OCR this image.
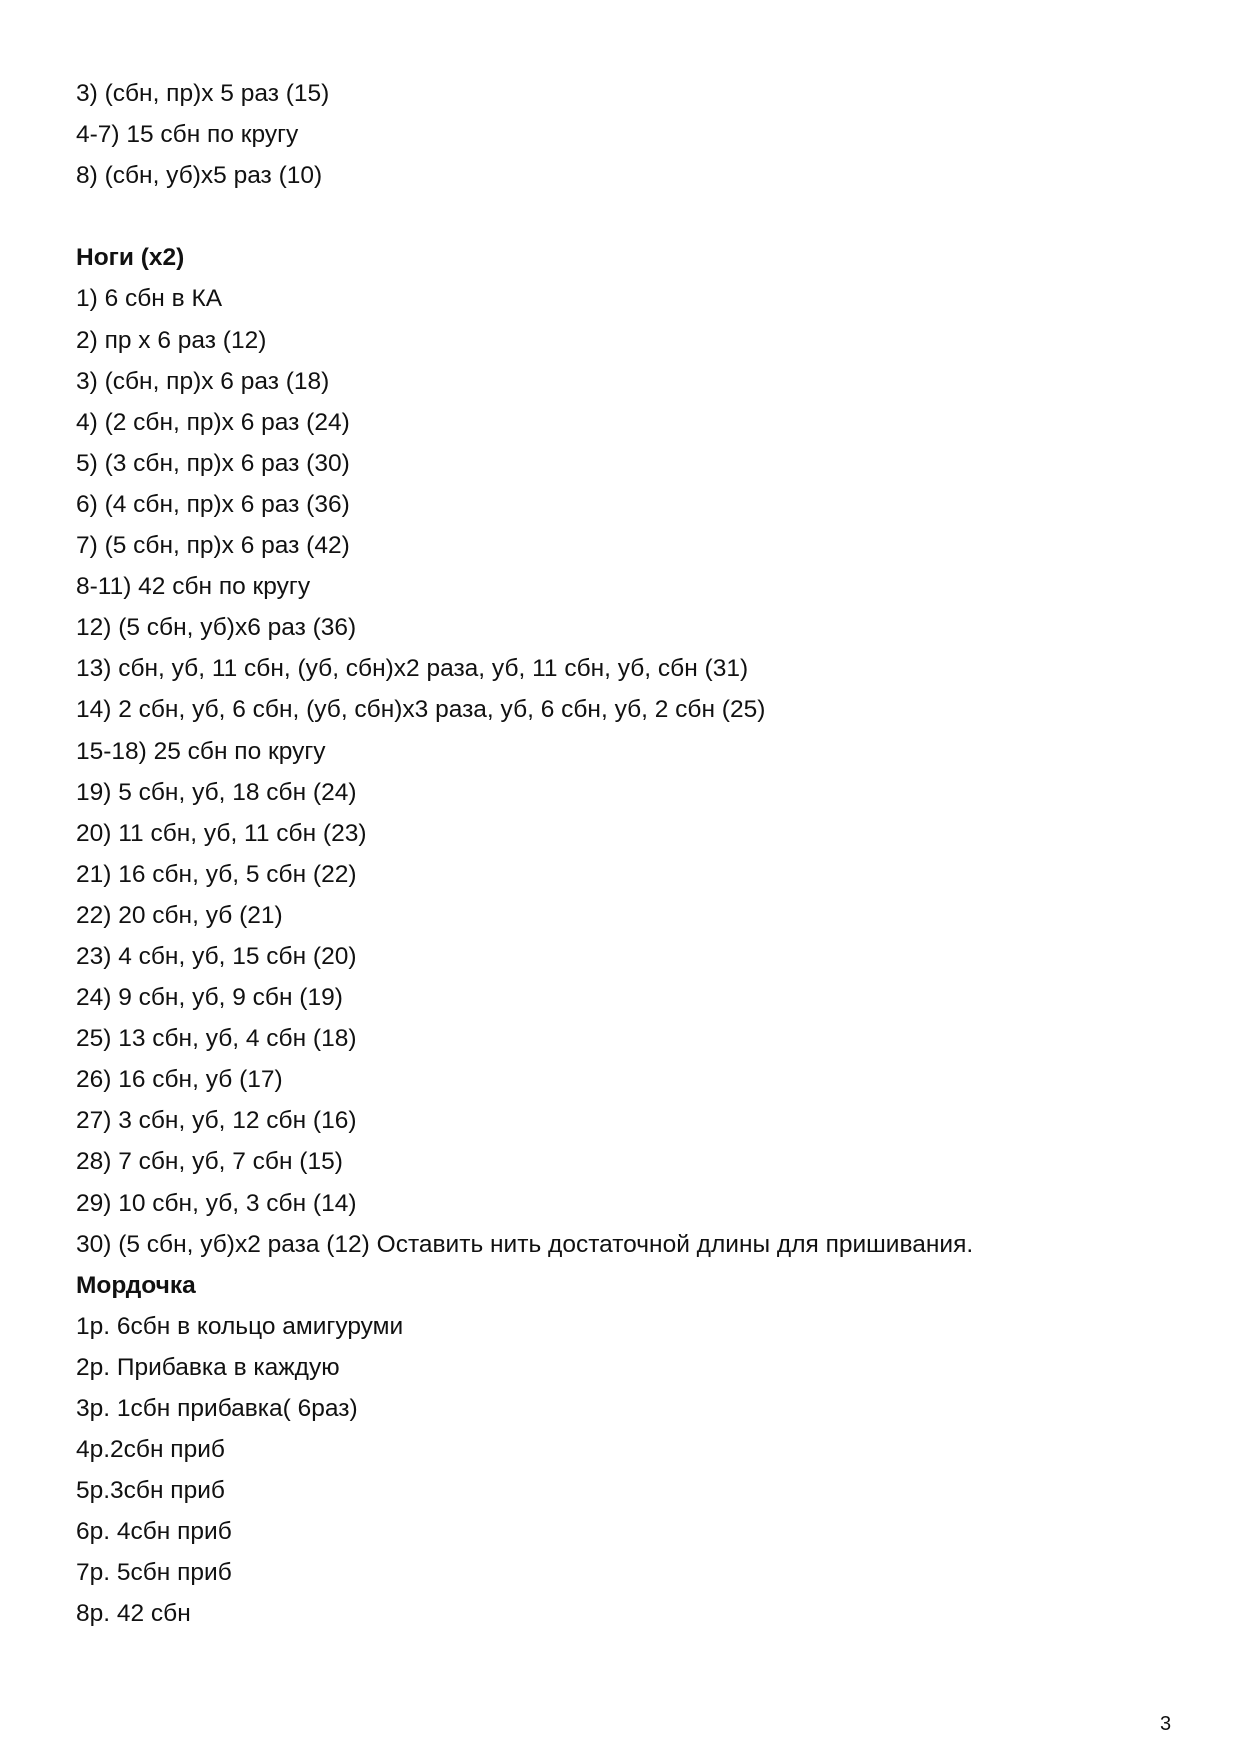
3) (сбн, пр)х 5 раз (15)
4-7) 15 сбн по кругу
8) (сбн, уб)х5 раз (10)
Ноги (х2)
1) 6 сбн в КА
2) пр х 6 раз (12)
3) (сбн, пр)х 6 раз (18)
4) (2 сбн, пр)х 6 раз (24)
5) (3 сбн, пр)х 6 раз (30)
6) (4 сбн, пр)х 6 раз (36)
7) (5 сбн, пр)х 6 раз (42)
8-11) 42 сбн по кругу
12) (5 сбн, уб)х6 раз (36)
13) сбн, уб, 11 сбн, (уб, сбн)х2 раза, уб, 11 сбн, уб, сбн (31)
14) 2 сбн, уб, 6 сбн, (уб, сбн)х3 раза, уб, 6 сбн, уб, 2 сбн (25)
15-18) 25 сбн по кругу
19) 5 сбн, уб, 18 сбн (24)
20) 11 сбн, уб, 11 сбн (23)
21) 16 сбн, уб, 5 сбн (22)
22) 20 сбн, уб (21)
23) 4 сбн, уб, 15 сбн (20)
24) 9 сбн, уб, 9 сбн (19)
25) 13 сбн, уб, 4 сбн (18)
26) 16 сбн, уб (17)
27) 3 сбн, уб, 12 сбн (16)
28) 7 сбн, уб, 7 сбн (15)
29) 10 сбн, уб, 3 сбн (14)
30) (5 сбн, уб)х2 раза (12) Оставить нить достаточной длины для пришивания.
Мордочка
1р. 6сбн в кольцо амигуруми
2р. Прибавка в каждую
3р. 1сбн прибавка( 6раз)
4р.2сбн приб
5р.3сбн приб
6р. 4сбн приб
7р. 5сбн приб
8р. 42 сбн
3
